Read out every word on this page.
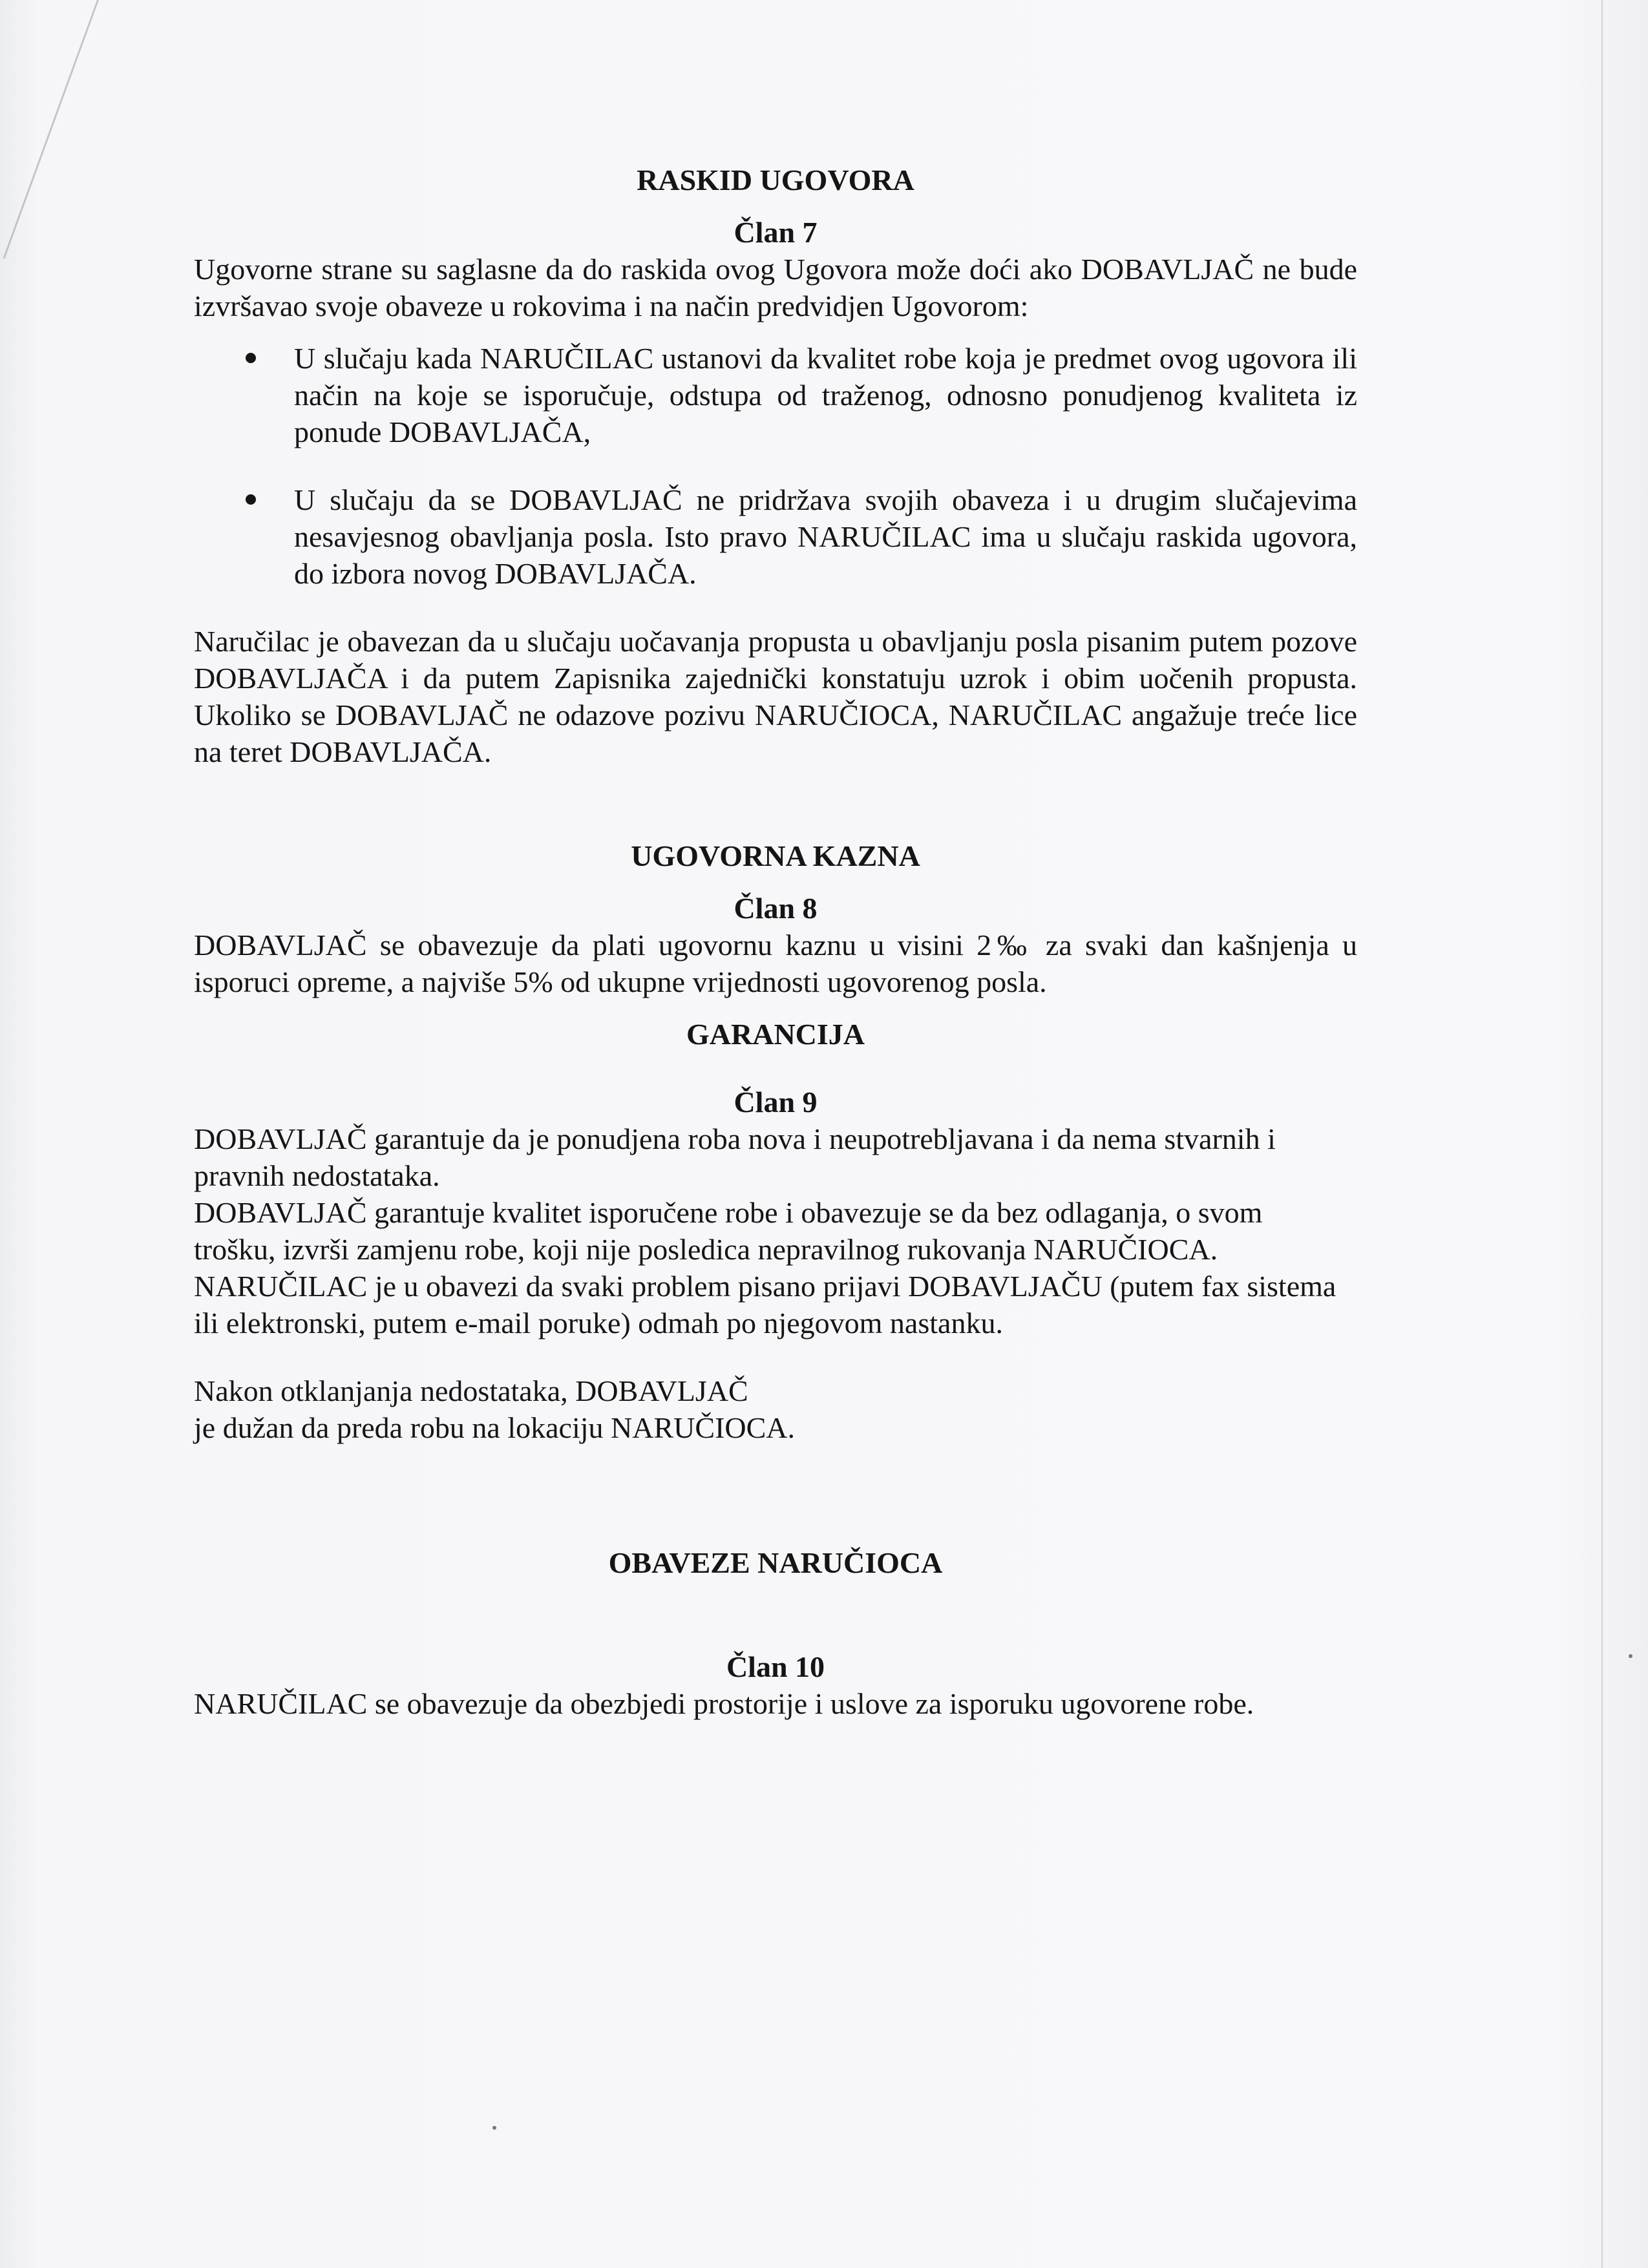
RASKID UGOVORA

Član 7

Ugovorne strane su saglasne da do raskida ovog Ugovora može doći ako DOBAVLJAČ ne bude izvršavao svoje obaveze u rokovima i na način predvidjen Ugovorom:

U slučaju kada NARUČILAC ustanovi da kvalitet robe koja je predmet ovog ugovora ili način na koje se isporučuje, odstupa od traženog, odnosno ponudjenog kvaliteta iz ponude DOBAVLJAČA,
U slučaju da se DOBAVLJAČ ne pridržava svojih obaveza i u drugim slučajevima nesavjesnog obavljanja posla. Isto pravo NARUČILAC ima u slučaju raskida ugovora, do izbora novog DOBAVLJAČA.

Naručilac je obavezan da u slučaju uočavanja propusta u obavljanju posla pisanim putem pozove DOBAVLJAČA i da putem Zapisnika zajednički konstatuju uzrok i obim uočenih propusta. Ukoliko se DOBAVLJAČ ne odazove pozivu NARUČIOCA, NARUČILAC angažuje treće lice na teret DOBAVLJAČA.

UGOVORNA KAZNA

Član 8

DOBAVLJAČ se obavezuje da plati ugovornu kaznu u visini 2‰ za svaki dan kašnjenja u isporuci opreme, a najviše 5% od ukupne vrijednosti ugovorenog posla.

GARANCIJA

Član 9

DOBAVLJAČ garantuje da je ponudjena roba nova i neupotrebljavana i da nema stvarnih i pravnih nedostataka.

DOBAVLJAČ garantuje kvalitet isporučene robe i obavezuje se da bez odlaganja, o svom trošku, izvrši zamjenu robe, koji nije posledica nepravilnog rukovanja NARUČIOCA.

NARUČILAC je u obavezi da svaki problem pisano prijavi DOBAVLJAČU (putem fax sistema ili elektronski, putem e-mail poruke) odmah po njegovom nastanku.

Nakon otklanjanja nedostataka, DOBAVLJAČ

je dužan da preda robu na lokaciju NARUČIOCA.

OBAVEZE NARUČIOCA

Član 10

NARUČILAC se obavezuje da obezbjedi prostorije i uslove za isporuku ugovorene robe.
